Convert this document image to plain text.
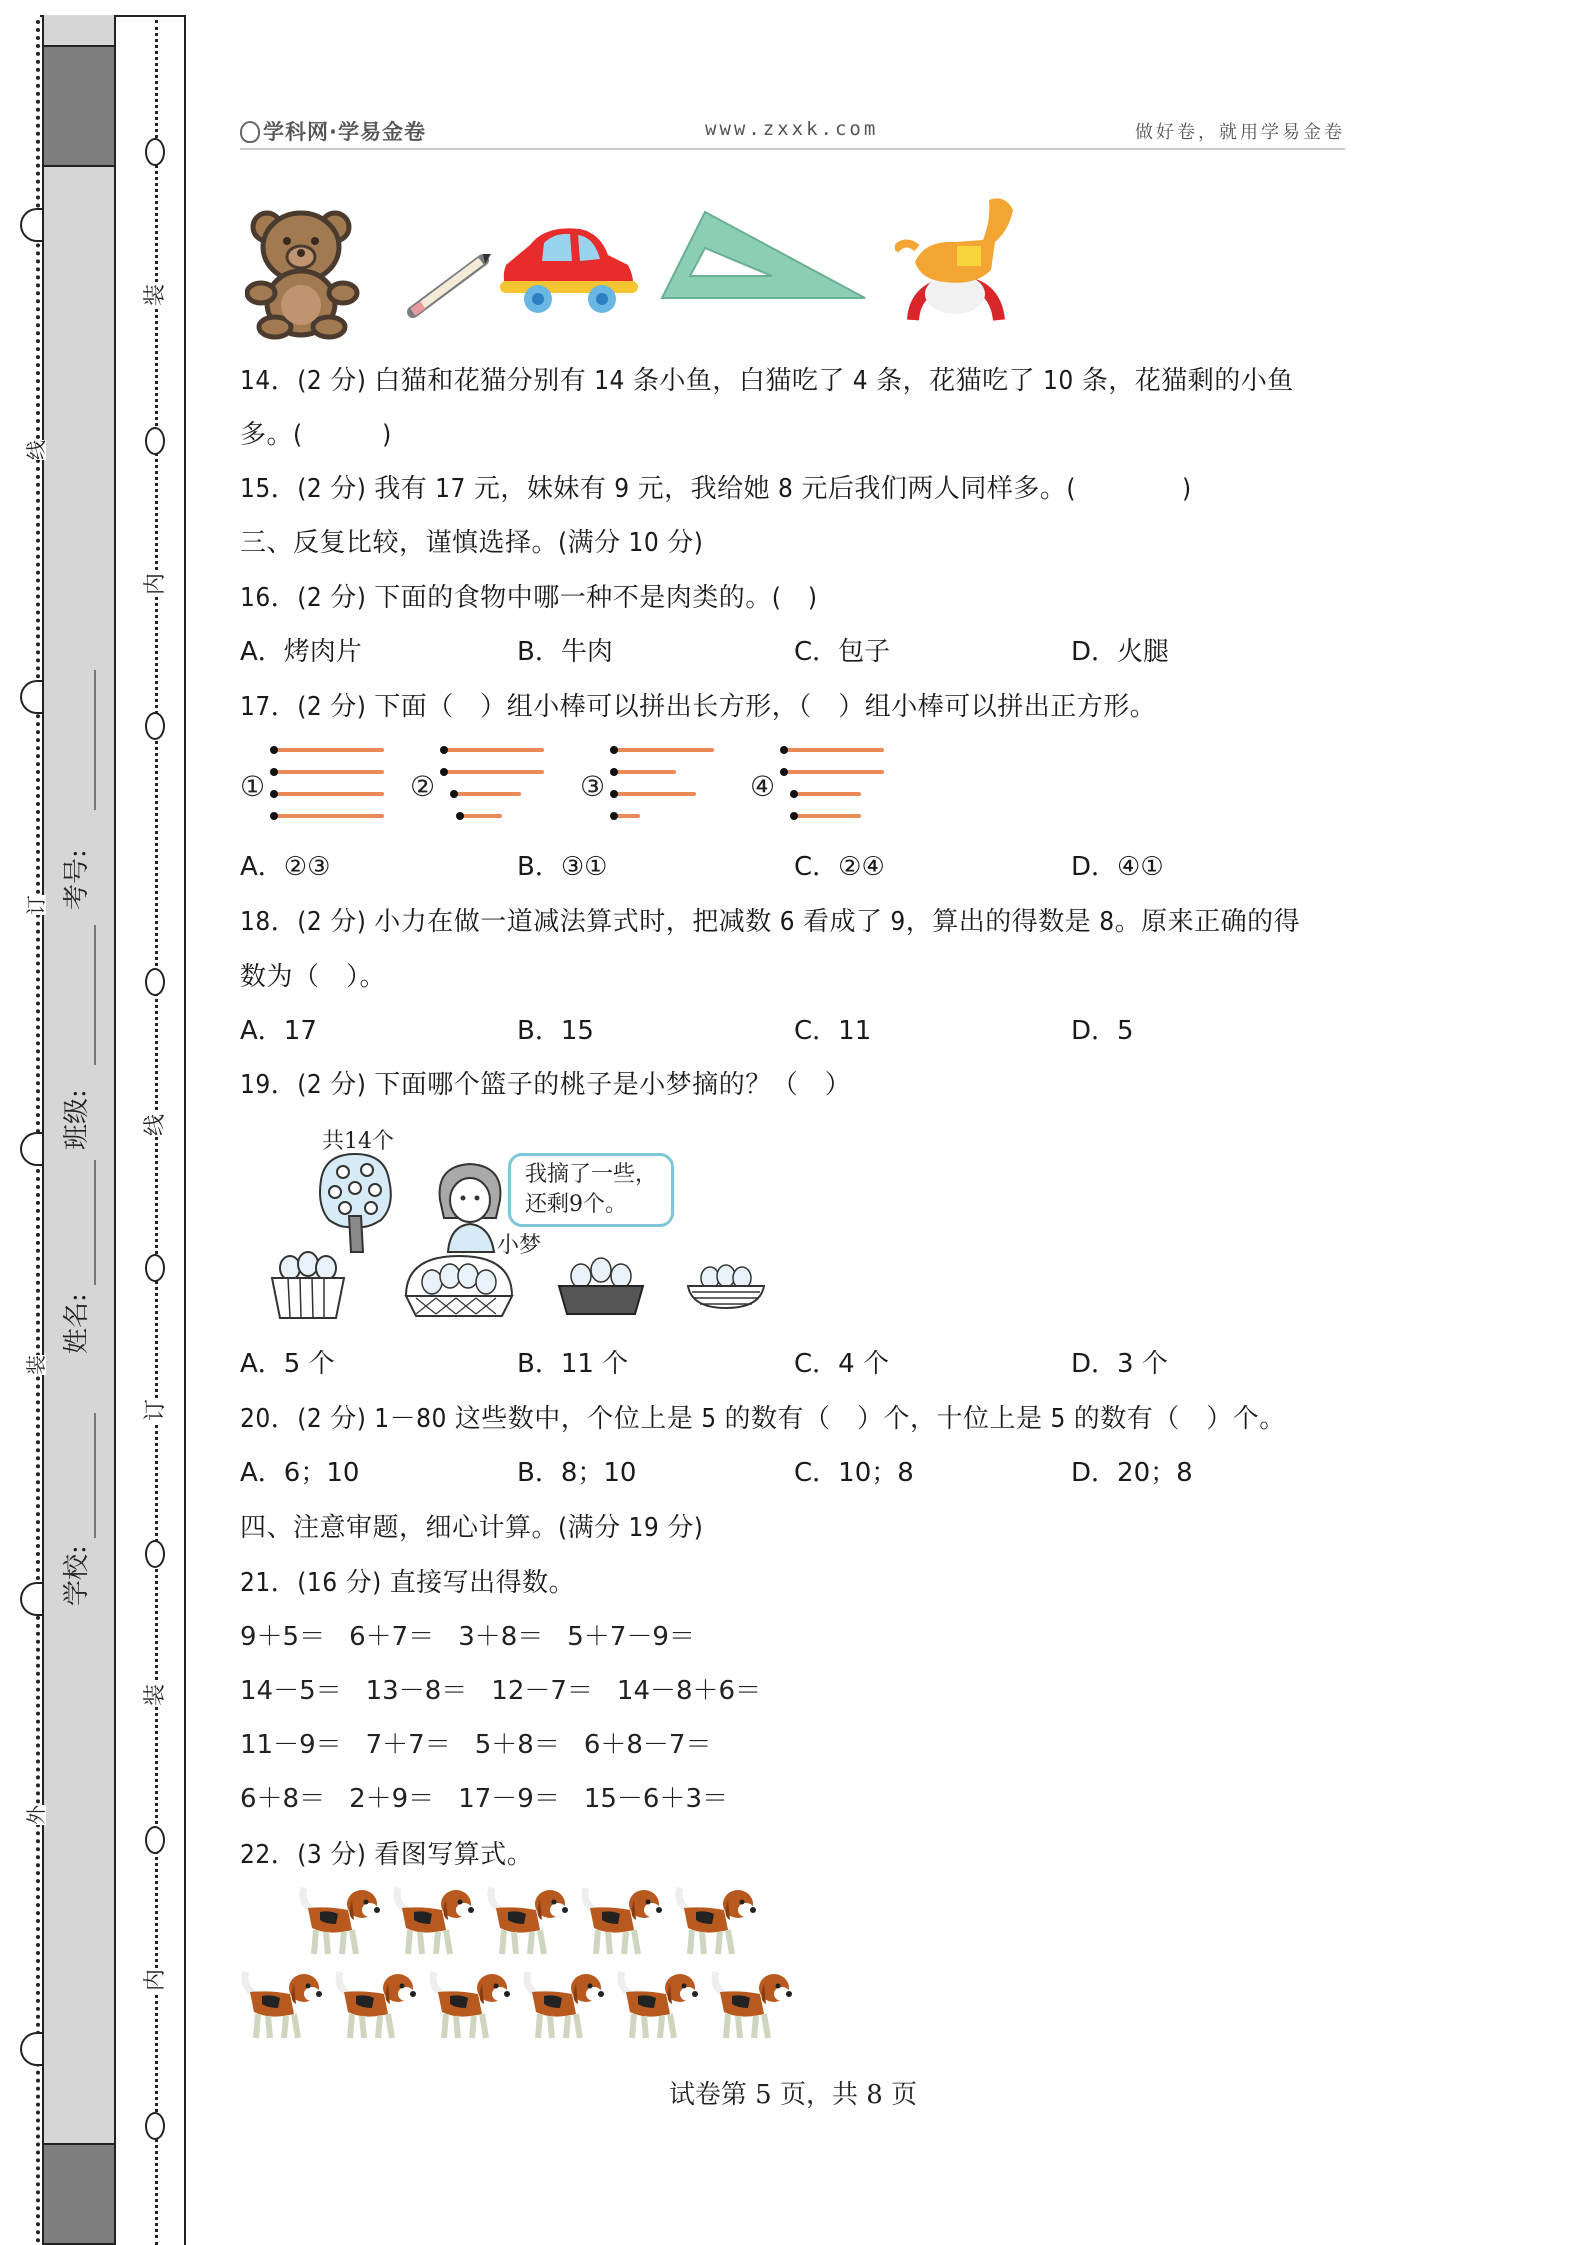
线
订
装
外
装
内
线
订
装
内
学校:
姓名:
班级:
考号:
学科网·学易金卷	www.zxxk.com	做好卷，就用学易金卷
14．(2 分) 白猫和花猫分别有 14 条小鱼，白猫吃了 4 条，花猫吃了 10 条，花猫剩的小鱼
多。(　　　)
15．(2 分) 我有 17 元，妹妹有 9 元，我给她 8 元后我们两人同样多。(　　　　)
三、反复比较，谨慎选择。(满分 10 分)
16．(2 分) 下面的食物中哪一种不是肉类的。(　)
A．烤肉片	B．牛肉	C．包子	D．火腿
17．(2 分) 下面（　）组小棒可以拼出长方形，（　）组小棒可以拼出正方形。
①	②	③	④
A．②③	B．③①	C．②④	D．④①
18．(2 分) 小力在做一道减法算式时，把减数 6 看成了 9，算出的得数是 8。原来正确的得
数为（　）。
A．17	B．15	C．11	D．5
19．(2 分) 下面哪个篮子的桃子是小梦摘的？（　）
共14个
我摘了一些，
还剩9个。
小梦
A．5 个	B．11 个	C．4 个	D．3 个
20．(2 分) 1－80 这些数中，个位上是 5 的数有（　）个，十位上是 5 的数有（　）个。
A．6；10	B．8；10	C．10；8	D．20；8
四、注意审题，细心计算。(满分 19 分)
21．(16 分) 直接写出得数。
9＋5＝ 6＋7＝ 3＋8＝ 5＋7－9＝
14－5＝ 13－8＝ 12－7＝ 14－8＋6＝
11－9＝ 7＋7＝ 5＋8＝ 6＋8－7＝
6＋8＝ 2＋9＝ 17－9＝ 15－6＋3＝
22．(3 分) 看图写算式。
试卷第 5 页，共 8 页
